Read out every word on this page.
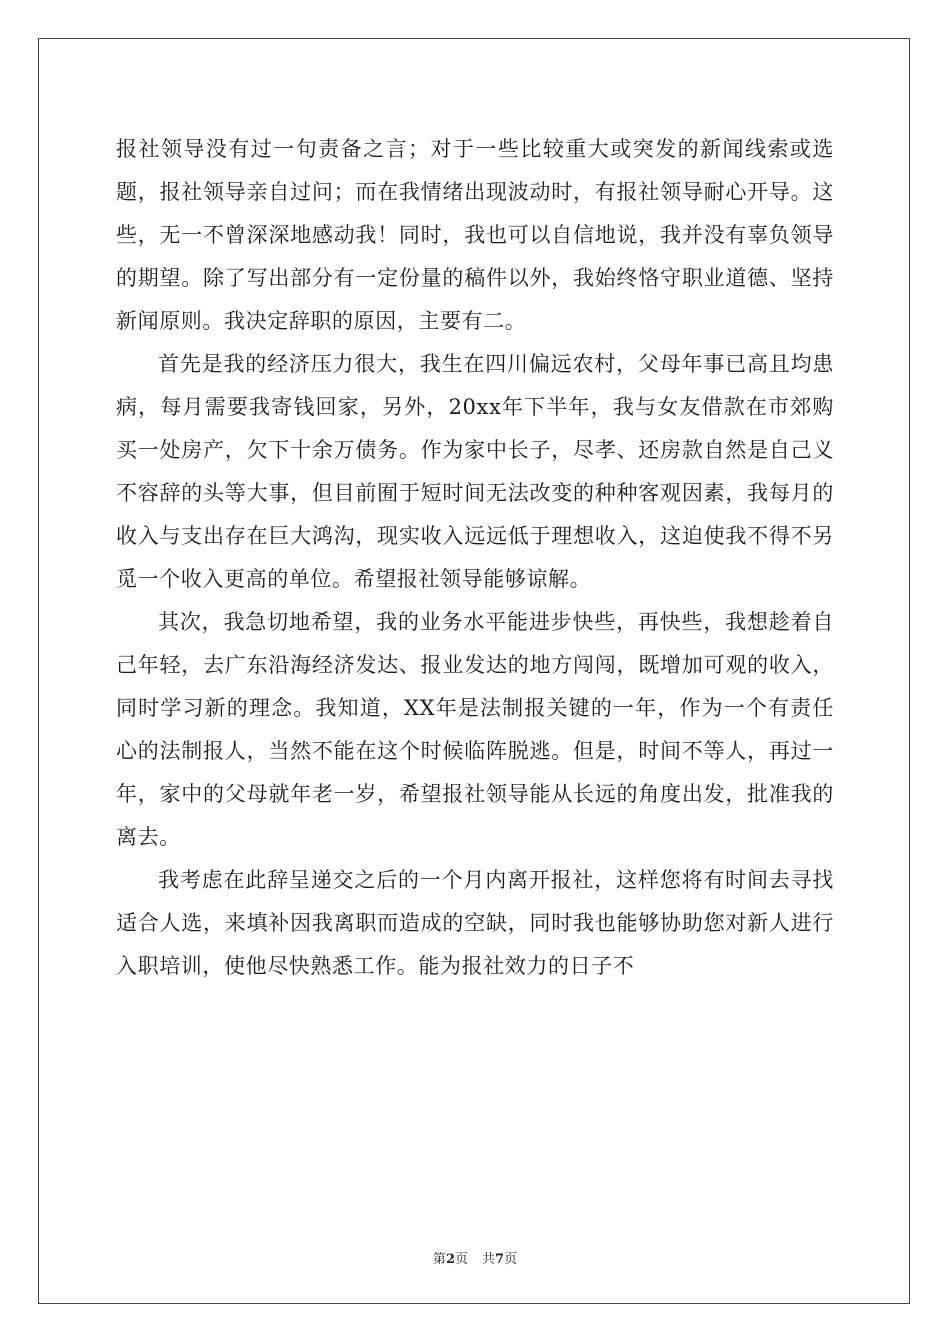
报社领导没有过一句责备之言；对于一些比较重大或突发的新闻线索或选题，报社领导亲自过问；而在我情绪出现波动时，有报社领导耐心开导。这些，无一不曾深深地感动我！同时，我也可以自信地说，我并没有辜负领导的期望。除了写出部分有一定份量的稿件以外，我始终恪守职业道德、坚持新闻原则。我决定辞职的原因，主要有二。

首先是我的经济压力很大，我生在四川偏远农村，父母年事已高且均患病，每月需要我寄钱回家，另外，20xx年下半年，我与女友借款在市郊购买一处房产，欠下十余万债务。作为家中长子，尽孝、还房款自然是自己义不容辞的头等大事，但目前囿于短时间无法改变的种种客观因素，我每月的收入与支出存在巨大鸿沟，现实收入远远低于理想收入，这迫使我不得不另觅一个收入更高的单位。希望报社领导能够谅解。

其次，我急切地希望，我的业务水平能进步快些，再快些，我想趁着自己年轻，去广东沿海经济发达、报业发达的地方闯闯，既增加可观的收入，同时学习新的理念。我知道，XX年是法制报关键的一年，作为一个有责任心的法制报人，当然不能在这个时候临阵脱逃。但是，时间不等人，再过一年，家中的父母就年老一岁，希望报社领导能从长远的角度出发，批准我的离去。

我考虑在此辞呈递交之后的一个月内离开报社，这样您将有时间去寻找适合人选，来填补因我离职而造成的空缺，同时我也能够协助您对新人进行入职培训，使他尽快熟悉工作。能为报社效力的日子不

第2页 共7页
